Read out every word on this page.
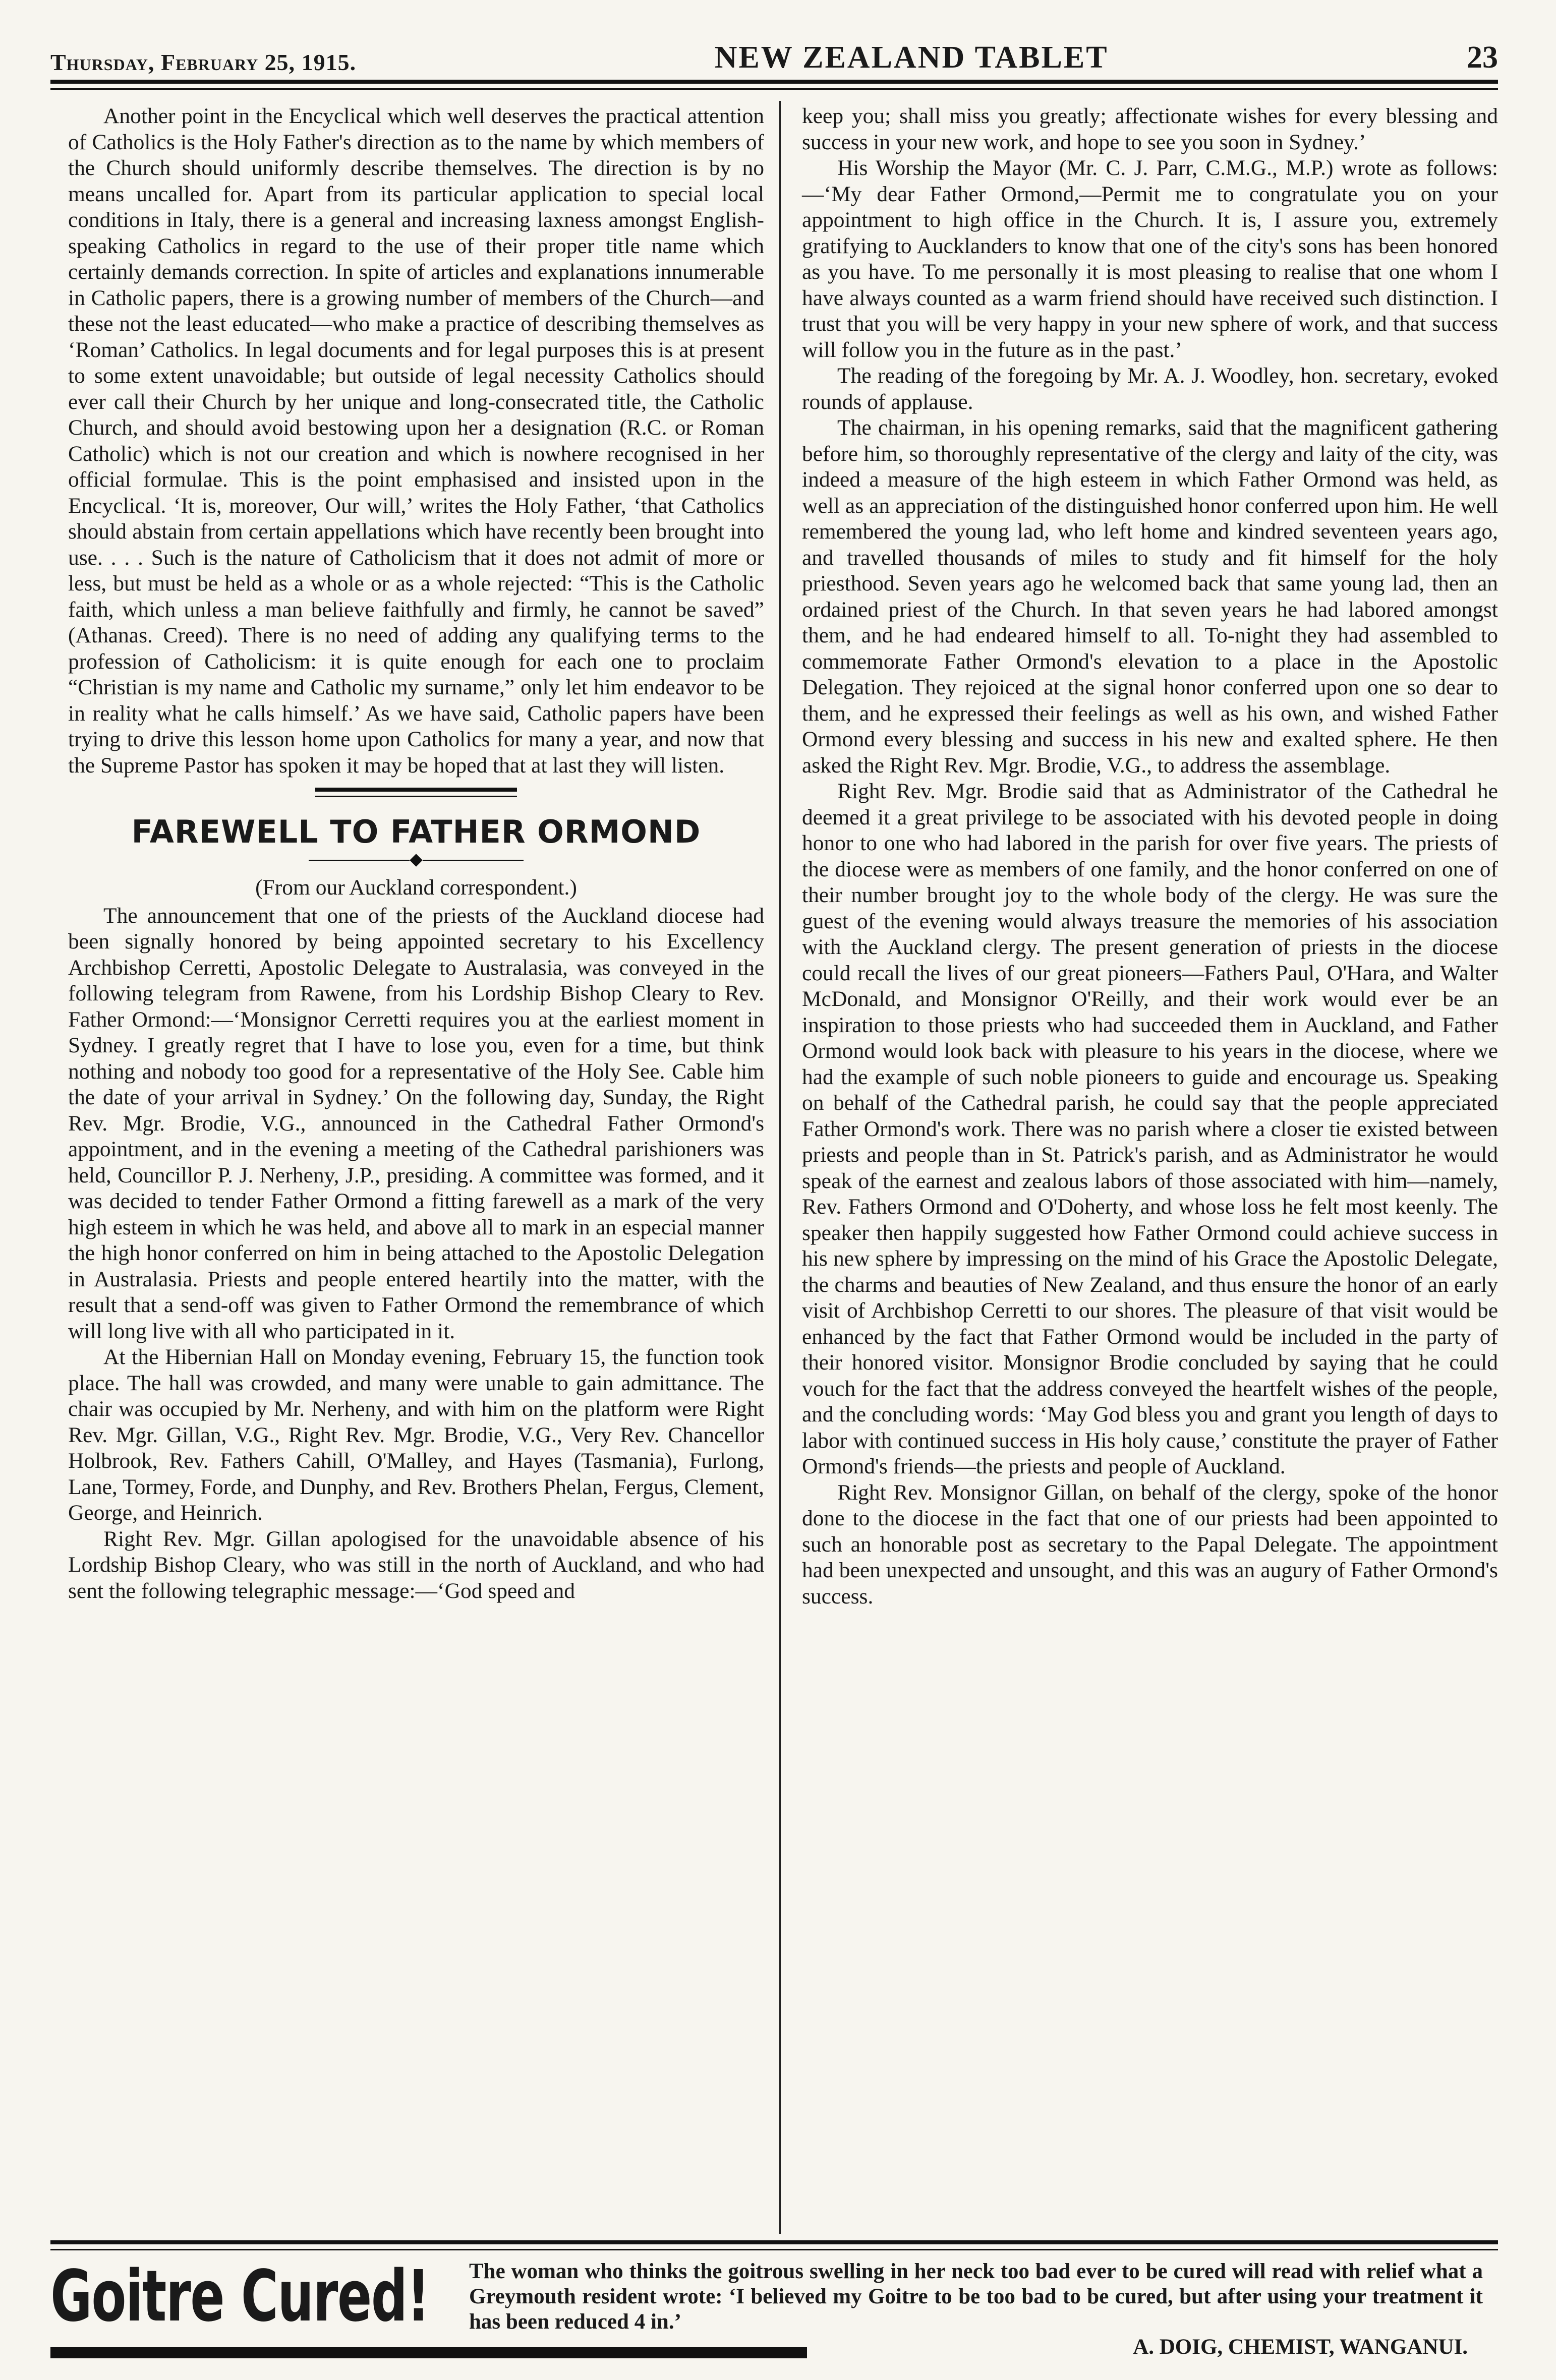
Thursday, February 25, 1915.	NEW ZEALAND TABLET	23

Another point in the Encyclical which well deserves the practical attention of Catholics is the Holy Father's direction as to the name by which members of the Church should uniformly describe themselves. The direction is by no means uncalled for. Apart from its particular application to special local conditions in Italy, there is a general and increasing laxness amongst English-speaking Catholics in regard to the use of their proper title name which certainly demands correction. In spite of articles and explanations innumerable in Catholic papers, there is a growing number of members of the Church—and these not the least educated—who make a practice of describing themselves as ‘Roman’ Catholics. In legal documents and for legal purposes this is at present to some extent unavoidable; but outside of legal necessity Catholics should ever call their Church by her unique and long-consecrated title, the Catholic Church, and should avoid bestowing upon her a designation (R.C. or Roman Catholic) which is not our creation and which is nowhere recognised in her official formulae. This is the point emphasised and insisted upon in the Encyclical. ‘It is, moreover, Our will,’ writes the Holy Father, ‘that Catholics should abstain from certain appellations which have recently been brought into use. . . . Such is the nature of Catholicism that it does not admit of more or less, but must be held as a whole or as a whole rejected: “This is the Catholic faith, which unless a man believe faithfully and firmly, he cannot be saved” (Athanas. Creed). There is no need of adding any qualifying terms to the profession of Catholicism: it is quite enough for each one to proclaim “Christian is my name and Catholic my surname,” only let him endeavor to be in reality what he calls himself.’ As we have said, Catholic papers have been trying to drive this lesson home upon Catholics for many a year, and now that the Supreme Pastor has spoken it may be hoped that at last they will listen.

FAREWELL TO FATHER ORMOND

(From our Auckland correspondent.)

The announcement that one of the priests of the Auckland diocese had been signally honored by being appointed secretary to his Excellency Archbishop Cerretti, Apostolic Delegate to Australasia, was conveyed in the following telegram from Rawene, from his Lordship Bishop Cleary to Rev. Father Ormond:—‘Monsignor Cerretti requires you at the earliest moment in Sydney. I greatly regret that I have to lose you, even for a time, but think nothing and nobody too good for a representative of the Holy See. Cable him the date of your arrival in Sydney.’ On the following day, Sunday, the Right Rev. Mgr. Brodie, V.G., announced in the Cathedral Father Ormond's appointment, and in the evening a meeting of the Cathedral parishioners was held, Councillor P. J. Nerheny, J.P., presiding. A committee was formed, and it was decided to tender Father Ormond a fitting farewell as a mark of the very high esteem in which he was held, and above all to mark in an especial manner the high honor conferred on him in being attached to the Apostolic Delegation in Australasia. Priests and people entered heartily into the matter, with the result that a send-off was given to Father Ormond the remembrance of which will long live with all who participated in it.

At the Hibernian Hall on Monday evening, February 15, the function took place. The hall was crowded, and many were unable to gain admittance. The chair was occupied by Mr. Nerheny, and with him on the platform were Right Rev. Mgr. Gillan, V.G., Right Rev. Mgr. Brodie, V.G., Very Rev. Chancellor Holbrook, Rev. Fathers Cahill, O'Malley, and Hayes (Tasmania), Furlong, Lane, Tormey, Forde, and Dunphy, and Rev. Brothers Phelan, Fergus, Clement, George, and Heinrich.

Right Rev. Mgr. Gillan apologised for the unavoidable absence of his Lordship Bishop Cleary, who was still in the north of Auckland, and who had sent the following telegraphic message:—‘God speed and

keep you; shall miss you greatly; affectionate wishes for every blessing and success in your new work, and hope to see you soon in Sydney.’

His Worship the Mayor (Mr. C. J. Parr, C.M.G., M.P.) wrote as follows:—‘My dear Father Ormond,—Permit me to congratulate you on your appointment to high office in the Church. It is, I assure you, extremely gratifying to Aucklanders to know that one of the city's sons has been honored as you have. To me personally it is most pleasing to realise that one whom I have always counted as a warm friend should have received such distinction. I trust that you will be very happy in your new sphere of work, and that success will follow you in the future as in the past.’

The reading of the foregoing by Mr. A. J. Woodley, hon. secretary, evoked rounds of applause.

The chairman, in his opening remarks, said that the magnificent gathering before him, so thoroughly representative of the clergy and laity of the city, was indeed a measure of the high esteem in which Father Ormond was held, as well as an appreciation of the distinguished honor conferred upon him. He well remembered the young lad, who left home and kindred seventeen years ago, and travelled thousands of miles to study and fit himself for the holy priesthood. Seven years ago he welcomed back that same young lad, then an ordained priest of the Church. In that seven years he had labored amongst them, and he had endeared himself to all. To-night they had assembled to commemorate Father Ormond's elevation to a place in the Apostolic Delegation. They rejoiced at the signal honor conferred upon one so dear to them, and he expressed their feelings as well as his own, and wished Father Ormond every blessing and success in his new and exalted sphere. He then asked the Right Rev. Mgr. Brodie, V.G., to address the assemblage.

Right Rev. Mgr. Brodie said that as Administrator of the Cathedral he deemed it a great privilege to be associated with his devoted people in doing honor to one who had labored in the parish for over five years. The priests of the diocese were as members of one family, and the honor conferred on one of their number brought joy to the whole body of the clergy. He was sure the guest of the evening would always treasure the memories of his association with the Auckland clergy. The present generation of priests in the diocese could recall the lives of our great pioneers—Fathers Paul, O'Hara, and Walter McDonald, and Monsignor O'Reilly, and their work would ever be an inspiration to those priests who had succeeded them in Auckland, and Father Ormond would look back with pleasure to his years in the diocese, where we had the example of such noble pioneers to guide and encourage us. Speaking on behalf of the Cathedral parish, he could say that the people appreciated Father Ormond's work. There was no parish where a closer tie existed between priests and people than in St. Patrick's parish, and as Administrator he would speak of the earnest and zealous labors of those associated with him—namely, Rev. Fathers Ormond and O'Doherty, and whose loss he felt most keenly. The speaker then happily suggested how Father Ormond could achieve success in his new sphere by impressing on the mind of his Grace the Apostolic Delegate, the charms and beauties of New Zealand, and thus ensure the honor of an early visit of Archbishop Cerretti to our shores. The pleasure of that visit would be enhanced by the fact that Father Ormond would be included in the party of their honored visitor. Monsignor Brodie concluded by saying that he could vouch for the fact that the address conveyed the heartfelt wishes of the people, and the concluding words: ‘May God bless you and grant you length of days to labor with continued success in His holy cause,’ constitute the prayer of Father Ormond's friends—the priests and people of Auckland.

Right Rev. Monsignor Gillan, on behalf of the clergy, spoke of the honor done to the diocese in the fact that one of our priests had been appointed to such an honorable post as secretary to the Papal Delegate. The appointment had been unexpected and unsought, and this was an augury of Father Ormond's success.

Goitre Cured! The woman who thinks the goitrous swelling in her neck too bad ever to be cured will read with relief what a Greymouth resident wrote: ‘I believed my Goitre to be too bad to be cured, but after using your treatment it has been reduced 4 in.’
A. DOIG, CHEMIST, WANGANUI.
